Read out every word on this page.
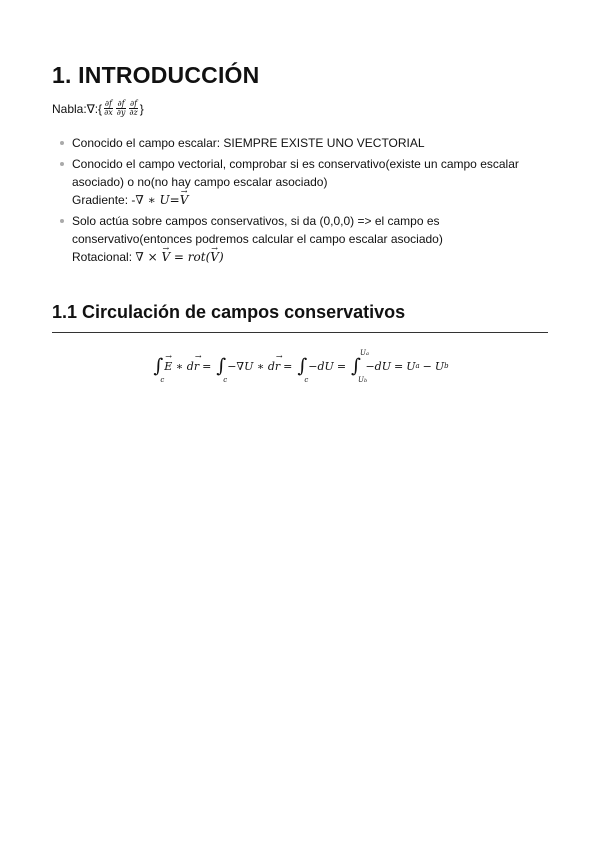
1. INTRODUCCIÓN
Nabla: ∇ :{ $\frac{\partial f}{\partial x} \frac{\partial f}{\partial y} \frac{\partial f}{\partial z}$ }
Conocido el campo escalar: SIEMPRE EXISTE UNO VECTORIAL
Conocido el campo vectorial, comprobar si es conservativo(existe un campo escalar asociado) o no(no hay campo escalar asociado)
Gradiente: -∇ ∗ U=→ V
Solo actúa sobre campos conservativos, si da (0,0,0) => el campo es conservativo(entonces podremos calcular el campo escalar asociado)
Rotacional: ∇ × → V = rot(→ V)
1.1 Circulación de campos conservativos
∫
c
→ E
∗ d → r = ∫
c
−∇U ∗ d → r = ∫
c
−dU = ∫
Ua
Ub

−dU = U a − U b
